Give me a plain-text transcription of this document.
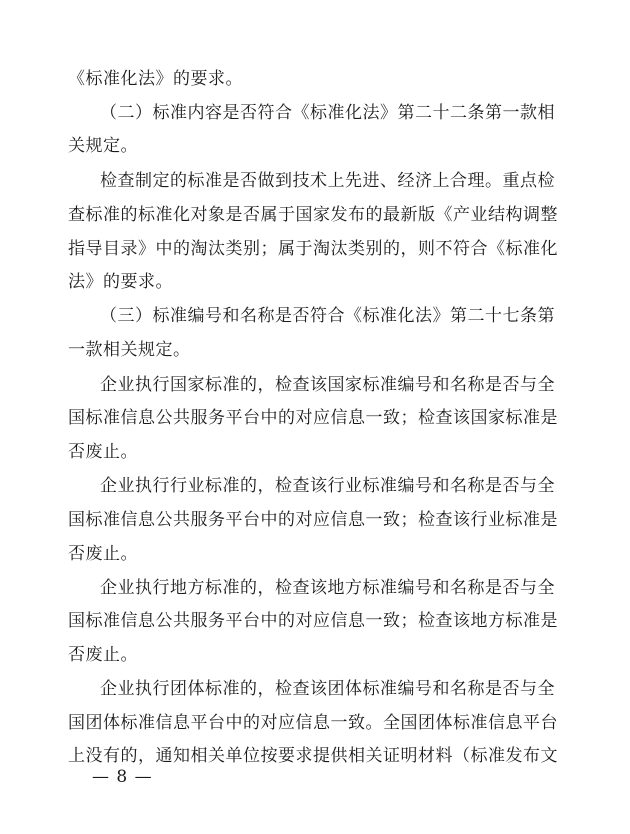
《标准化法》的要求。
（二）标准内容是否符合《标准化法》第二十二条第一款相
关规定。
检查制定的标准是否做到技术上先进、经济上合理。重点检
查标准的标准化对象是否属于国家发布的最新版《产业结构调整
指导目录》中的淘汰类别；属于淘汰类别的，则不符合《标准化
法》的要求。
（三）标准编号和名称是否符合《标准化法》第二十七条第
一款相关规定。
企业执行国家标准的，检查该国家标准编号和名称是否与全
国标准信息公共服务平台中的对应信息一致；检查该国家标准是
否废止。
企业执行行业标准的，检查该行业标准编号和名称是否与全
国标准信息公共服务平台中的对应信息一致；检查该行业标准是
否废止。
企业执行地方标准的，检查该地方标准编号和名称是否与全
国标准信息公共服务平台中的对应信息一致；检查该地方标准是
否废止。
企业执行团体标准的，检查该团体标准编号和名称是否与全
国团体标准信息平台中的对应信息一致。全国团体标准信息平台
上没有的，通知相关单位按要求提供相关证明材料（标准发布文
— 8 —
